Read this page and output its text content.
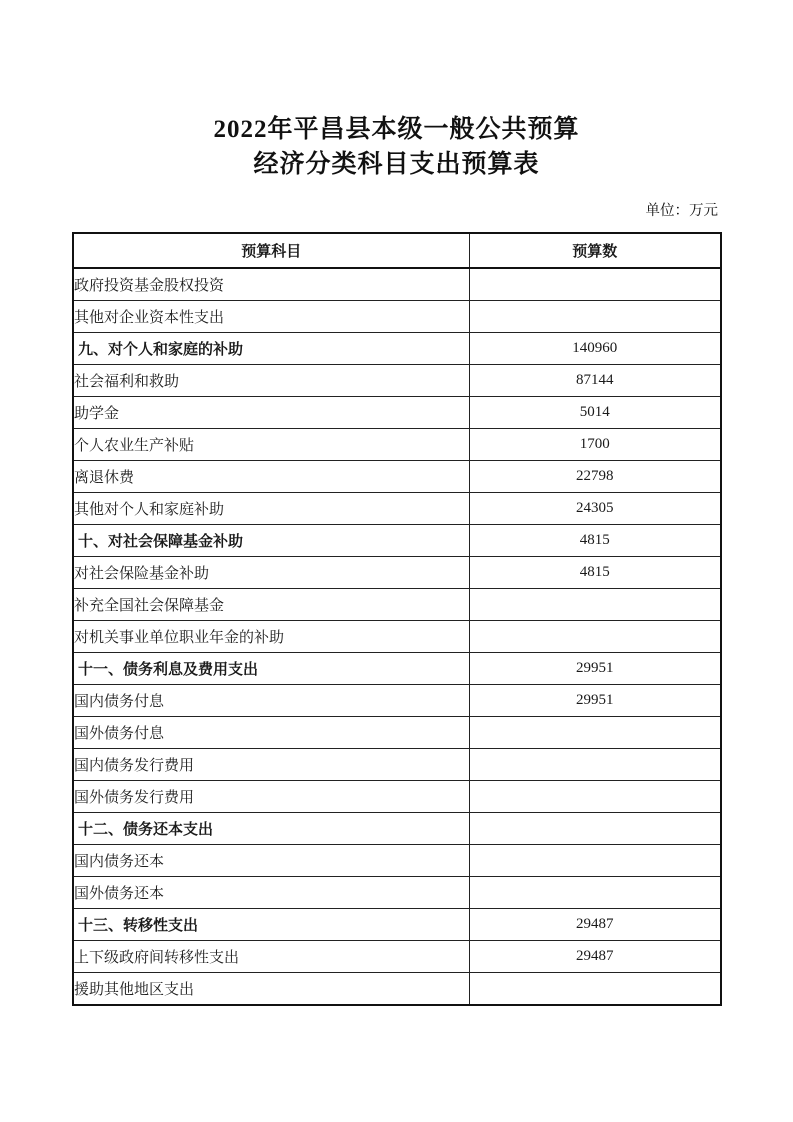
2022年平昌县本级一般公共预算
经济分类科目支出预算表
单位：万元
预算科目	预算数
政府投资基金股权投资	
其他对企业资本性支出	
九、对个人和家庭的补助	140960
社会福利和救助	87144
助学金	5014
个人农业生产补贴	1700
离退休费	22798
其他对个人和家庭补助	24305
十、对社会保障基金补助	4815
对社会保险基金补助	4815
补充全国社会保障基金	
对机关事业单位职业年金的补助	
十一、债务利息及费用支出	29951
国内债务付息	29951
国外债务付息	
国内债务发行费用	
国外债务发行费用	
十二、债务还本支出	
国内债务还本	
国外债务还本	
十三、转移性支出	29487
上下级政府间转移性支出	29487
援助其他地区支出	
